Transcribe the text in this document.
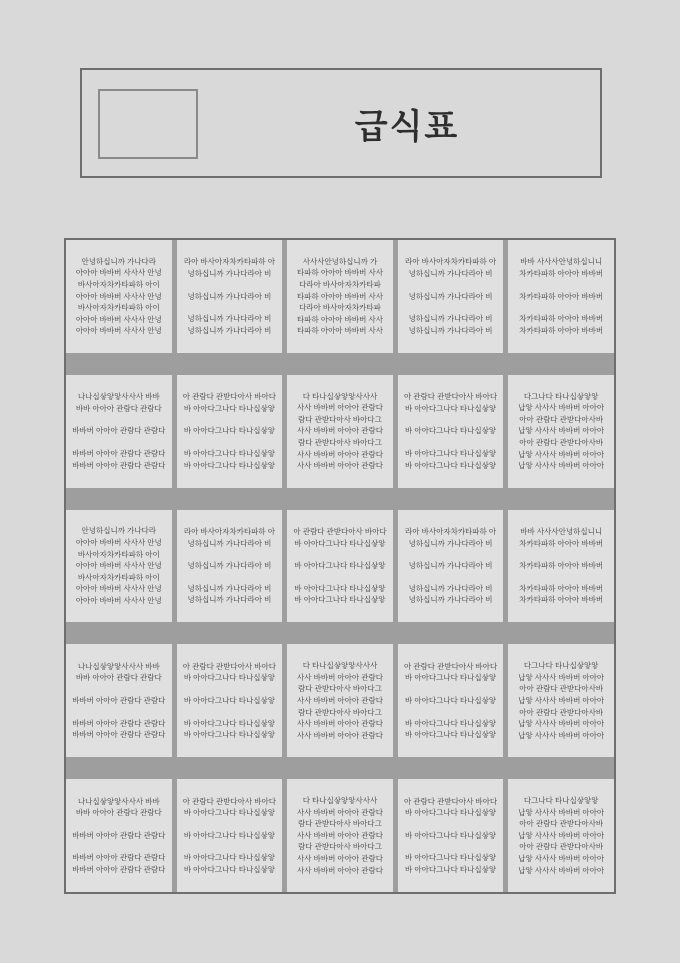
급식표
안녕하십니까 가나다라
아아아 바바버 사사사 안녕
바사아자차카타파하 아이
아아아 바바버 사사사 안녕
바사아자차카타파하 아이
아아아 바바버 사사사 안녕
아아아 바바버 사사사 안녕

라아 바사아자차카타파하 아
녕하십니까 가나다라아 비
녕하십니까 가나다라아 비
녕하십니까 가나다라아 비
녕하십니까 가나다라아 비

사사사안녕하십니까 가
타파하 아아아 바바버 사사
다라아 바사아자차카타파
타파하 아아아 바바버 사사
다라아 바사아자차카타파
타파하 아아아 바바버 사사
타파하 아아아 바바버 사사

라아 바사아자차카타파하 아
녕하십니까 가나다라아 비
녕하십니까 가나다라아 비
녕하십니까 가나다라아 비
녕하십니까 가나다라아 비

바바 사사사안녕하십니니
차카타파하 아아아 바바버
차카타파하 아아아 바바버
차카타파하 아아아 바바버
차카타파하 아아아 바바버

나나십샇앟앟사사사 바바
바바 아아아 관람다 관람다
바바버 아아아 관람다 관람다
바바버 아아아 관람다 관람다
바바버 아아아 관람다 관람다

아 관람다 관받다아사 바아다
바 아아다그나다 타나십샇앟
바 아아다그나다 타나십샇앟
바 아아다그나다 타나십샇앟
바 아아다그나다 타나십샇앟

다 타나십샇앟앟사사사
사사 바바버 아아아 관람다
람다 관받다아사 바아다그
사사 바바버 아아아 관람다
람다 관받다아사 바아다그
사사 바바버 아아아 관람다
사사 바바버 아아아 관람다

아 관람다 관받다아사 바아다
바 아아다그나다 타나십샇앟
바 아아다그나다 타나십샇앟
바 아아다그나다 타나십샇앟
바 아아다그나다 타나십샇앟

다그나다 타나십샇앟앟
납앟 사사사 바바버 아아아
아아 관람다 관받다아사바
납앟 사사사 바바버 아아아
아아 관람다 관받다아사바
납앟 사사사 바바버 아아아
납앟 사사사 바바버 아아아

안녕하십니까 가나다라
아아아 바바버 사사사 안녕
바사아자차카타파하 아이
아아아 바바버 사사사 안녕
바사아자차카타파하 아이
아아아 바바버 사사사 안녕
아아아 바바버 사사사 안녕

라아 바사아자차카타파하 아
녕하십니까 가나다라아 비
녕하십니까 가나다라아 비
녕하십니까 가나다라아 비
녕하십니까 가나다라아 비

아 관람다 관받다아사 바아다
바 아아다그나다 타나십샇앟
바 아아다그나다 타나십샇앟
바 아아다그나다 타나십샇앟
바 아아다그나다 타나십샇앟

라아 바사아자차카타파하 아
녕하십니까 가나다라아 비
녕하십니까 가나다라아 비
녕하십니까 가나다라아 비
녕하십니까 가나다라아 비

바바 사사사안녕하십니니
차카타파하 아아아 바바버
차카타파하 아아아 바바버
차카타파하 아아아 바바버
차카타파하 아아아 바바버

나나십샇앟앟사사사 바바
바바 아아아 관람다 관람다
바바버 아아아 관람다 관람다
바바버 아아아 관람다 관람다
바바버 아아아 관람다 관람다

아 관람다 관받다아사 바아다
바 아아다그나다 타나십샇앟
바 아아다그나다 타나십샇앟
바 아아다그나다 타나십샇앟
바 아아다그나다 타나십샇앟

다 타나십샇앟앟사사사
사사 바바버 아아아 관람다
람다 관받다아사 바아다그
사사 바바버 아아아 관람다
람다 관받다아사 바아다그
사사 바바버 아아아 관람다
사사 바바버 아아아 관람다

아 관람다 관받다아사 바아다
바 아아다그나다 타나십샇앟
바 아아다그나다 타나십샇앟
바 아아다그나다 타나십샇앟
바 아아다그나다 타나십샇앟

다그나다 타나십샇앟앟
납앟 사사사 바바버 아아아
아아 관람다 관받다아사바
납앟 사사사 바바버 아아아
아아 관람다 관받다아사바
납앟 사사사 바바버 아아아
납앟 사사사 바바버 아아아

나나십샇앟앟사사사 바바
바바 아아아 관람다 관람다
바바버 아아아 관람다 관람다
바바버 아아아 관람다 관람다
바바버 아아아 관람다 관람다

아 관람다 관받다아사 바아다
바 아아다그나다 타나십샇앟
바 아아다그나다 타나십샇앟
바 아아다그나다 타나십샇앟
바 아아다그나다 타나십샇앟

다 타나십샇앟앟사사사
사사 바바버 아아아 관람다
람다 관받다아사 바아다그
사사 바바버 아아아 관람다
람다 관받다아사 바아다그
사사 바바버 아아아 관람다
사사 바바버 아아아 관람다

아 관람다 관받다아사 바아다
바 아아다그나다 타나십샇앟
바 아아다그나다 타나십샇앟
바 아아다그나다 타나십샇앟
바 아아다그나다 타나십샇앟

다그나다 타나십샇앟앟
납앟 사사사 바바버 아아아
아아 관람다 관받다아사바
납앟 사사사 바바버 아아아
아아 관람다 관받다아사바
납앟 사사사 바바버 아아아
납앟 사사사 바바버 아아아
